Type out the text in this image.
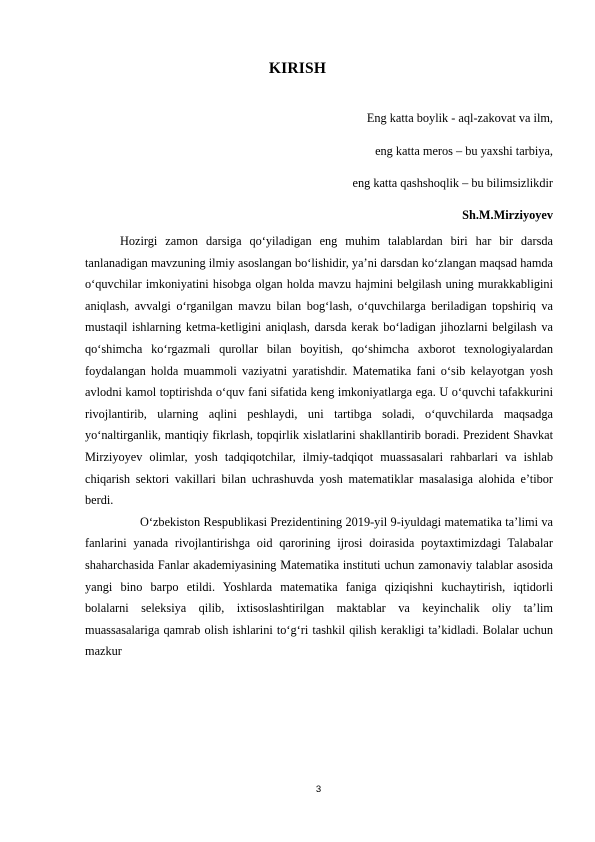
KIRISH
Eng katta boylik - aql-zakovat va ilm,
eng katta meros – bu yaxshi tarbiya,
eng katta qashshoqlik – bu bilimsizlikdir
Sh.M.Mirziyoyev

Hozirgi zamon darsiga qo‘yiladigan eng muhim talablardan biri har bir darsda tanlanadigan mavzuning ilmiy asoslangan bo‘lishidir, ya’ni darsdan ko‘zlangan maqsad hamda o‘quvchilar imkoniyatini hisobga olgan holda mavzu hajmini belgilash uning murakkabligini aniqlash, avvalgi o‘rganilgan mavzu bilan bog‘lash, o‘quvchilarga beriladigan topshiriq va mustaqil ishlarning ketma-ketligini aniqlash, darsda kerak bo‘ladigan jihozlarni belgilash va qo‘shimcha ko‘rgazmali qurollar bilan boyitish, qo‘shimcha axborot texnologiyalardan foydalangan holda muammoli vaziyatni yaratishdir. Matematika fani o‘sib kelayotgan yosh avlodni kamol toptirishda o‘quv fani sifatida keng imkoniyatlarga ega. U o‘quvchi tafakkurini rivojlantirib, ularning aqlini peshlaydi, uni tartibga soladi, o‘quvchilarda maqsadga yo‘naltirganlik, mantiqiy fikrlash, topqirlik xislatlarini shakllantirib boradi. Prezident Shavkat Mirziyoyev olimlar, yosh tadqiqotchilar, ilmiy-tadqiqot muassasalari rahbarlari va ishlab chiqarish sektori vakillari bilan uchrashuvda yosh matematiklar masalasiga alohida e’tibor berdi.

O‘zbekiston Respublikasi Prezidentining 2019-yil 9-iyuldagi matematika ta’limi va fanlarini yanada rivojlantirishga oid qarorining ijrosi doirasida poytaxtimizdagi Talabalar shaharchasida Fanlar akademiyasining Matematika instituti uchun zamonaviy talablar asosida yangi bino barpo etildi. Yoshlarda matematika faniga qiziqishni kuchaytirish, iqtidorli bolalarni seleksiya qilib, ixtisoslashtirilgan maktablar va keyinchalik oliy ta’lim muassasalariga qamrab olish ishlarini to‘g‘ri tashkil qilish kerakligi ta’kidladi. Bolalar uchun mazkur

3
